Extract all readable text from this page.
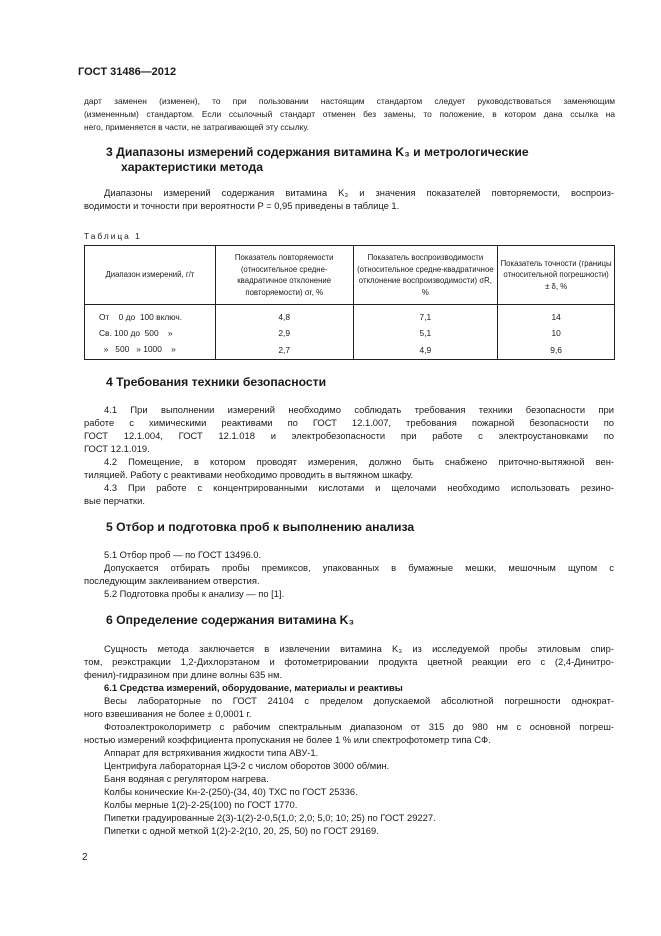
ГОСТ 31486—2012
дарт заменен (изменен), то при пользовании настоящим стандартом следует руководствоваться заменяющим
(измененным) стандартом. Если ссылочный стандарт отменен без замены, то положение, в котором дана ссылка на
него, применяется в части, не затрагивающей эту ссылку.
3 Диапазоны измерений содержания витамина K₃ и метрологические
характеристики метода
Диапазоны измерений содержания витамина K₃ и значения показателей повторяемости, воспроиз-
водимости и точности при вероятности P = 0,95 приведены в таблице 1.
Таблица 1
Диапазон измерений, г/т	Показатель повторяемости (относительное средне-квадратичное отклонение повторяемости) σr, %	Показатель воспроизводимости (относительное средне-квадратичное отклонение воспроизводимости) σR, %	Показатель точности (границы относительной погрешности) ± δ, %
От    0 до  100 включ.	4,8	7,1	14
Св. 100 до  500    »	2,9	5,1	10
»   500   » 1000    »	2,7	4,9	9,6
4 Требования техники безопасности
4.1 При выполнении измерений необходимо соблюдать требования техники безопасности при
работе с химическими реактивами по ГОСТ 12.1.007, требования пожарной безопасности по
ГОСТ 12.1.004, ГОСТ 12.1.018 и электробезопасности при работе с электроустановками по
ГОСТ 12.1.019.
4.2 Помещение, в котором проводят измерения, должно быть снабжено приточно-вытяжной вен-
тиляцией. Работу с реактивами необходимо проводить в вытяжном шкафу.
4.3 При работе с концентрированными кислотами и щелочами необходимо использовать резино-
вые перчатки.
5 Отбор и подготовка проб к выполнению анализа
5.1 Отбор проб — по ГОСТ 13496.0.
Допускается отбирать пробы премиксов, упакованных в бумажные мешки, мешочным щупом с
последующим заклеиванием отверстия.
5.2 Подготовка пробы к анализу — по [1].
6 Определение содержания витамина K₃
Сущность метода заключается в извлечении витамина K₃ из исследуемой пробы этиловым спир-
том, реэкстракции 1,2-Дихлорэтаном и фотометрировании продукта цветной реакции его с (2,4-Динитро-
фенил)-гидразином при длине волны 635 нм.
6.1 Средства измерений, оборудование, материалы и реактивы
Весы лабораторные по ГОСТ 24104 с пределом допускаемой абсолютной погрешности однократ-
ного взвешивания не более ± 0,0001 г.
Фотоэлектроколориметр с рабочим спектральным диапазоном от 315 до 980 нм с основной погреш-
ностью измерений коэффициента пропускания не более 1 % или спектрофотометр типа СФ.
Аппарат для встряхивания жидкости типа АВУ-1.
Центрифуга лабораторная ЦЭ-2 с числом оборотов 3000 об/мин.
Баня водяная с регулятором нагрева.
Колбы конические Кн-2-(250)-(34, 40) ТХС по ГОСТ 25336.
Колбы мерные 1(2)-2-25(100) по ГОСТ 1770.
Пипетки градуированные 2(3)-1(2)-2-0,5(1,0; 2,0; 5,0; 10; 25) по ГОСТ 29227.
Пипетки с одной меткой 1(2)-2-2(10, 20, 25, 50) по ГОСТ 29169.
2
